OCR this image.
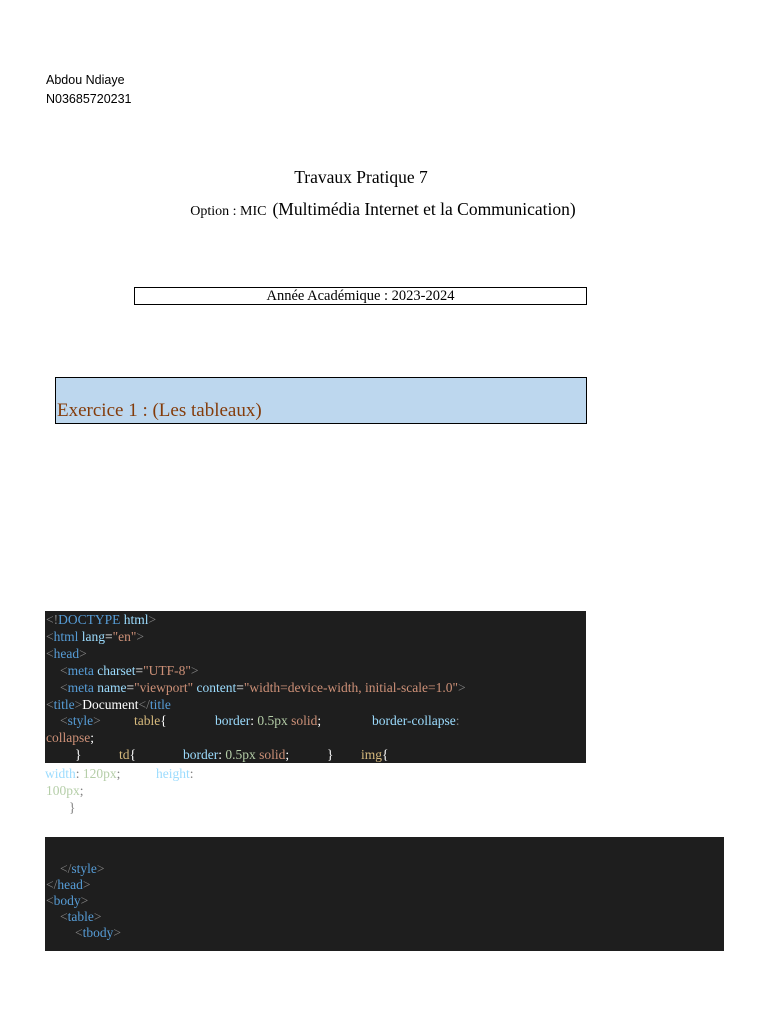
Abdou Ndiaye
N03685720231
Travaux Pratique 7
Option : MIC (Multimédia Internet et la Communication)
Année Académique : 2023-2024
Exercice 1 : (Les tableaux)

<!DOCTYPE html>

<html lang="en">

<head>

<meta charset="UTF-8">

<meta name="viewport" content="width=device-width, initial-scale=1.0">

<title>Document</title

<style>

table{

	border: 0.5px solid;

	border-collapse:

collapse;

}

	td{

	border: 0.5px solid;

	}

img{

width: 120px;

	height:

100px;

}

</style>

</head>

<body>

<table>

<tbody>
